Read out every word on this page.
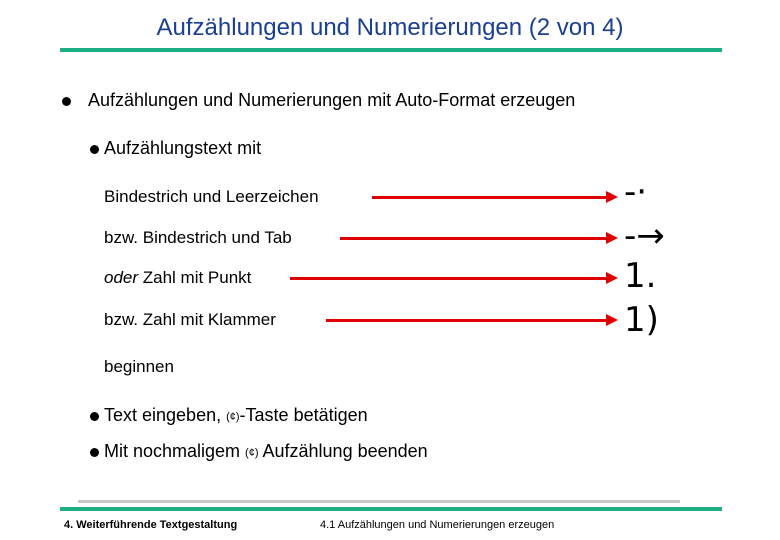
Aufzählungen und Numerierungen (2 von 4)
Aufzählungen und Numerierungen mit Auto-Format erzeugen
Aufzählungstext mit
Bindestrich und Leerzeichen	-·
bzw. Bindestrich und Tab	-→
oder Zahl mit Punkt	1.
bzw. Zahl mit Klammer	1)
beginnen
Text eingeben, (¢)-Taste betätigen
Mit nochmaligem (¢) Aufzählung beenden
4. Weiterführende Textgestaltung	4.1 Aufzählungen und Numerierungen erzeugen
